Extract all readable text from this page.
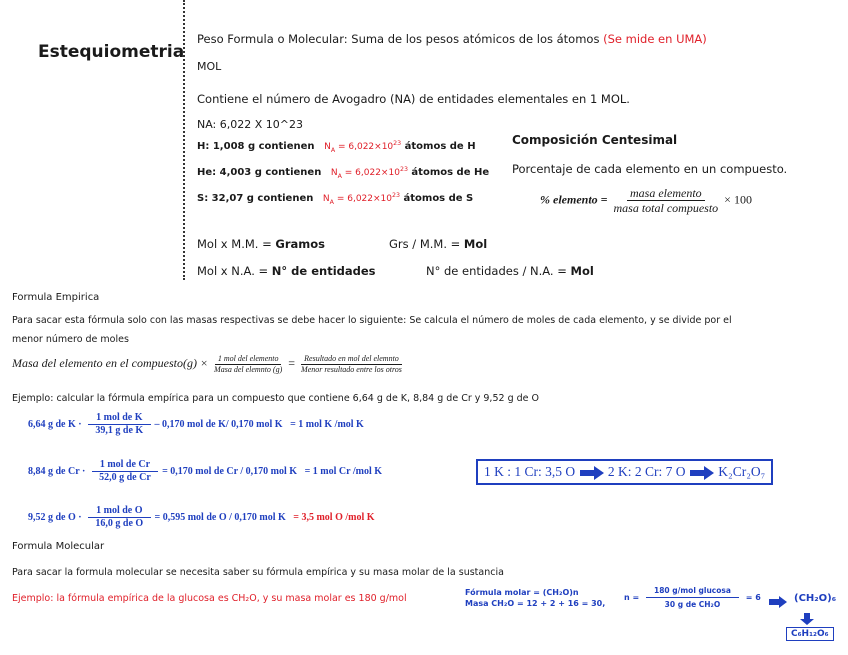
Estequiometria
Peso Formula o Molecular: Suma de los pesos atómicos de los átomos (Se mide en UMA)
MOL
Contiene el número de Avogadro (NA) de entidades elementales en 1 MOL.
NA: 6,022 X 10^23
H: 1,008 g contienen $N_A = 6,022\times 10^{23}$ átomos de H
He: 4,003 g contienen $N_A = 6,022\times 10^{23}$ átomos de He
S: 32,07 g contienen $N_A = 6,022\times 10^{23}$ átomos de S
Composición Centesimal
Porcentaje de cada elemento en un compuesto.
% elemento = $\frac{\text{masa elemento}}{\text{masa total compuesto}} \times 100$
Mol x M.M. = Gramos	Grs / M.M. = Mol
Mol x N.A. = N° de entidades	N° de entidades / N.A. = Mol
Formula Empirica
Para sacar esta fórmula solo con las masas respectivas se debe hacer lo siguiente: Se calcula el número de moles de cada elemento, y se divide por el
menor número de moles
Masa del elemento en el compuesto(g) × $\frac{\text{1 mol del elemento}}{\text{Masa del elemnto (g)}} = \frac{\text{Resultado en mol del elemnto}}{\text{Menor resultado entre los otros}}$
Ejemplo: calcular la fórmula empírica para un compuesto que contiene 6,64 g de K, 8,84 g de Cr y 9,52 g de O
6,64 g de $K \cdot \frac{\text{1 mol de K}}{\text{39,1 g de K}} - 0,170$ mol de K/ 0,170 mol K = 1 mol K /mol K
8,84 g de $Cr \cdot \frac{\text{1 mol de Cr}}{\text{52,0 g de Cr}} = 0,170$ mol de Cr / 0,170 mol K = 1 mol Cr /mol K
9,52 g de $O \cdot \frac{\text{1 mol de O}}{\text{16,0 g de O}} = 0,595$ mol de O / 0,170 mol K = 3,5 mol O /mol K
1 K : 1 Cr: 3,5 O 2 K: 2 Cr: 7 O K₂Cr₂O₇
Formula Molecular
Para sacar la formula molecular se necesita saber su fórmula empírica y su masa molar de la sustancia
Ejemplo: la fórmula empírica de la glucosa es CH₂O, y su masa molar es 180 g/mol
Fórmula molar = (CH₂O)n
Masa CH₂O = 12 + 2 + 16 = 30,
$n = \frac{\text{180 g/mol glucosa}}{\text{30 g de CH₂O}} = 6$	(CH₂O)₆
C₆H₁₂O₆
